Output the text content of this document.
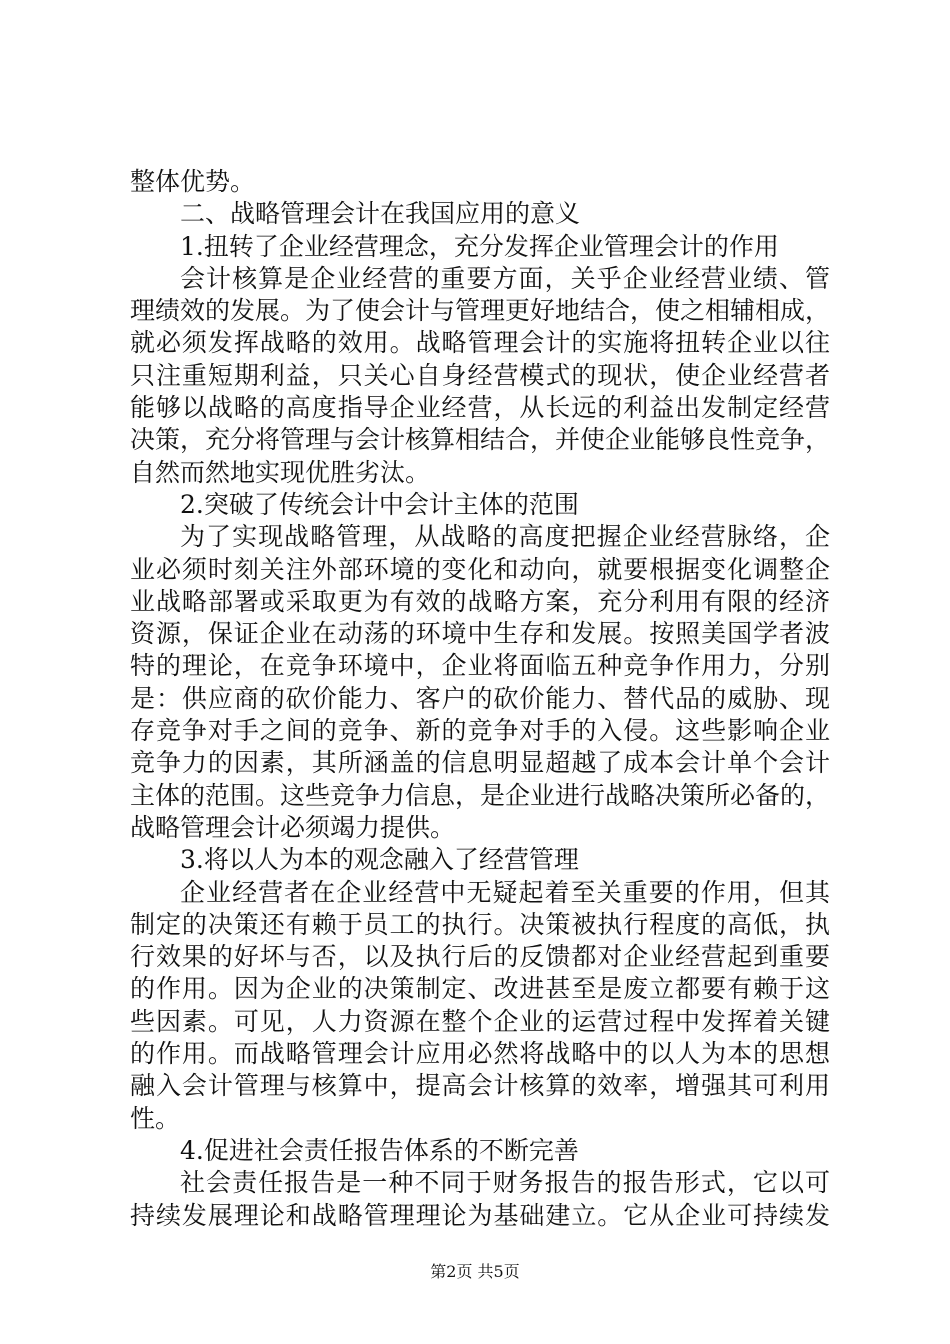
整体优势。
二、战略管理会计在我国应用的意义
1.扭转了企业经营理念，充分发挥企业管理会计的作用
会计核算是企业经营的重要方面，关乎企业经营业绩、管
理绩效的发展。为了使会计与管理更好地结合，使之相辅相成，
就必须发挥战略的效用。战略管理会计的实施将扭转企业以往
只注重短期利益，只关心自身经营模式的现状，使企业经营者
能够以战略的高度指导企业经营，从长远的利益出发制定经营
决策，充分将管理与会计核算相结合，并使企业能够良性竞争，
自然而然地实现优胜劣汰。
2.突破了传统会计中会计主体的范围
为了实现战略管理，从战略的高度把握企业经营脉络，企
业必须时刻关注外部环境的变化和动向，就要根据变化调整企
业战略部署或采取更为有效的战略方案，充分利用有限的经济
资源，保证企业在动荡的环境中生存和发展。按照美国学者波
特的理论，在竞争环境中，企业将面临五种竞争作用力，分别
是：供应商的砍价能力、客户的砍价能力、替代品的威胁、现
存竞争对手之间的竞争、新的竞争对手的入侵。这些影响企业
竞争力的因素，其所涵盖的信息明显超越了成本会计单个会计
主体的范围。这些竞争力信息，是企业进行战略决策所必备的，
战略管理会计必须竭力提供。
3.将以人为本的观念融入了经营管理
企业经营者在企业经营中无疑起着至关重要的作用，但其
制定的决策还有赖于员工的执行。决策被执行程度的高低，执
行效果的好坏与否，以及执行后的反馈都对企业经营起到重要
的作用。因为企业的决策制定、改进甚至是废立都要有赖于这
些因素。可见，人力资源在整个企业的运营过程中发挥着关键
的作用。而战略管理会计应用必然将战略中的以人为本的思想
融入会计管理与核算中，提高会计核算的效率，增强其可利用
性。
4.促进社会责任报告体系的不断完善
社会责任报告是一种不同于财务报告的报告形式，它以可
持续发展理论和战略管理理论为基础建立。它从企业可持续发
第2页 共5页
